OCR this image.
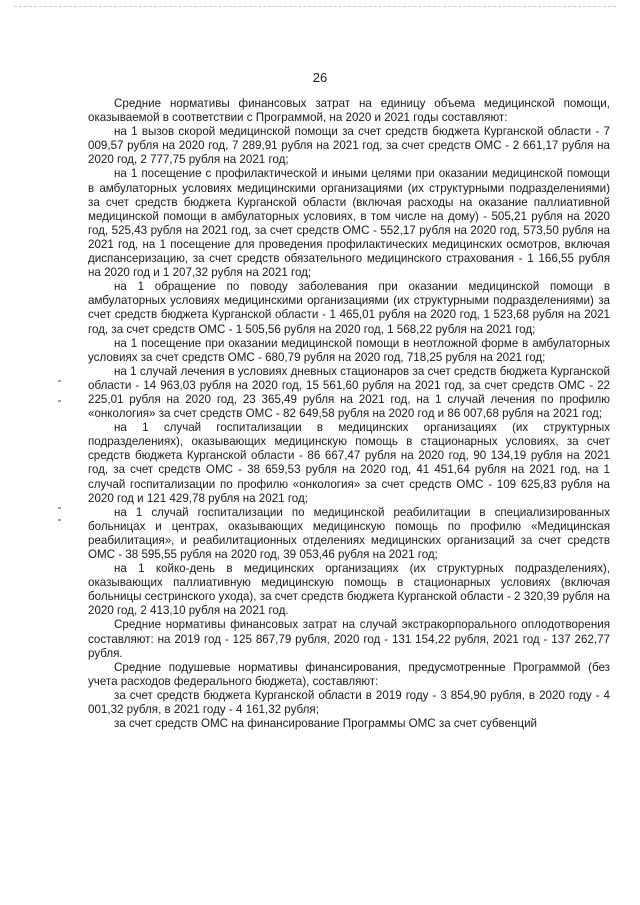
26

Средние нормативы финансовых затрат на единицу объема медицинской помощи, оказываемой в соответствии с Программой, на 2020 и 2021 годы составляют:

на 1 вызов скорой медицинской помощи за счет средств бюджета Курганской области - 7 009,57 рубля на 2020 год, 7 289,91 рубля на 2021 год, за счет средств ОМС - 2 661,17 рубля на 2020 год, 2 777,75 рубля на 2021 год;

на 1 посещение с профилактической и иными целями при оказании медицинской помощи в амбулаторных условиях медицинскими организациями (их структурными подразделениями) за счет средств бюджета Курганской области (включая расходы на оказание паллиативной медицинской помощи в амбулаторных условиях, в том числе на дому) - 505,21 рубля на 2020 год, 525,43 рубля на 2021 год, за счет средств ОМС - 552,17 рубля на 2020 год, 573,50 рубля на 2021 год, на 1 посещение для проведения профилактических медицинских осмотров, включая диспансеризацию, за счет средств обязательного медицинского страхования - 1 166,55 рубля на 2020 год и 1 207,32 рубля на 2021 год;

на 1 обращение по поводу заболевания при оказании медицинской помощи в амбулаторных условиях медицинскими организациями (их структурными подразделениями) за счет средств бюджета Курганской области - 1 465,01 рубля на 2020 год, 1 523,68 рубля на 2021 год, за счет средств ОМС - 1 505,56 рубля на 2020 год, 1 568,22 рубля на 2021 год;

на 1 посещение при оказании медицинской помощи в неотложной форме в амбулаторных условиях за счет средств ОМС - 680,79 рубля на 2020 год, 718,25 рубля на 2021 год;

на 1 случай лечения в условиях дневных стационаров за счет средств бюджета Курганской области - 14 963,03 рубля на 2020 год, 15 561,60 рубля на 2021 год, за счет средств ОМС - 22 225,01 рубля на 2020 год, 23 365,49 рубля на 2021 год, на 1 случай лечения по профилю «онкология» за счет средств ОМС - 82 649,58 рубля на 2020 год и 86 007,68 рубля на 2021 год;

на 1 случай госпитализации в медицинских организациях (их структурных подразделениях), оказывающих медицинскую помощь в стационарных условиях, за счет средств бюджета Курганской области - 86 667,47 рубля на 2020 год, 90 134,19 рубля на 2021 год, за счет средств ОМС - 38 659,53 рубля на 2020 год, 41 451,64 рубля на 2021 год, на 1 случай госпитализации по профилю «онкология» за счет средств ОМС - 109 625,83 рубля на 2020 год и 121 429,78 рубля на 2021 год;

на 1 случай госпитализации по медицинской реабилитации в специализированных больницах и центрах, оказывающих медицинскую помощь по профилю «Медицинская реабилитация», и реабилитационных отделениях медицинских организаций за счет средств ОМС - 38 595,55 рубля на 2020 год, 39 053,46 рубля на 2021 год;

на 1 койко-день в медицинских организациях (их структурных подразделениях), оказывающих паллиативную медицинскую помощь в стационарных условиях (включая больницы сестринского ухода), за счет средств бюджета Курганской области - 2 320,39 рубля на 2020 год, 2 413,10 рубля на 2021 год.

Средние нормативы финансовых затрат на случай экстракорпорального оплодотворения составляют: на 2019 год - 125 867,79 рубля, 2020 год - 131 154,22 рубля, 2021 год - 137 262,77 рубля.

Средние подушевые нормативы финансирования, предусмотренные Программой (без учета расходов федерального бюджета), составляют:

за счет средств бюджета Курганской области в 2019 году - 3 854,90 рубля, в 2020 году - 4 001,32 рубля, в 2021 году - 4 161,32 рубля;

за счет средств ОМС на финансирование Программы ОМС за счет субвенций
